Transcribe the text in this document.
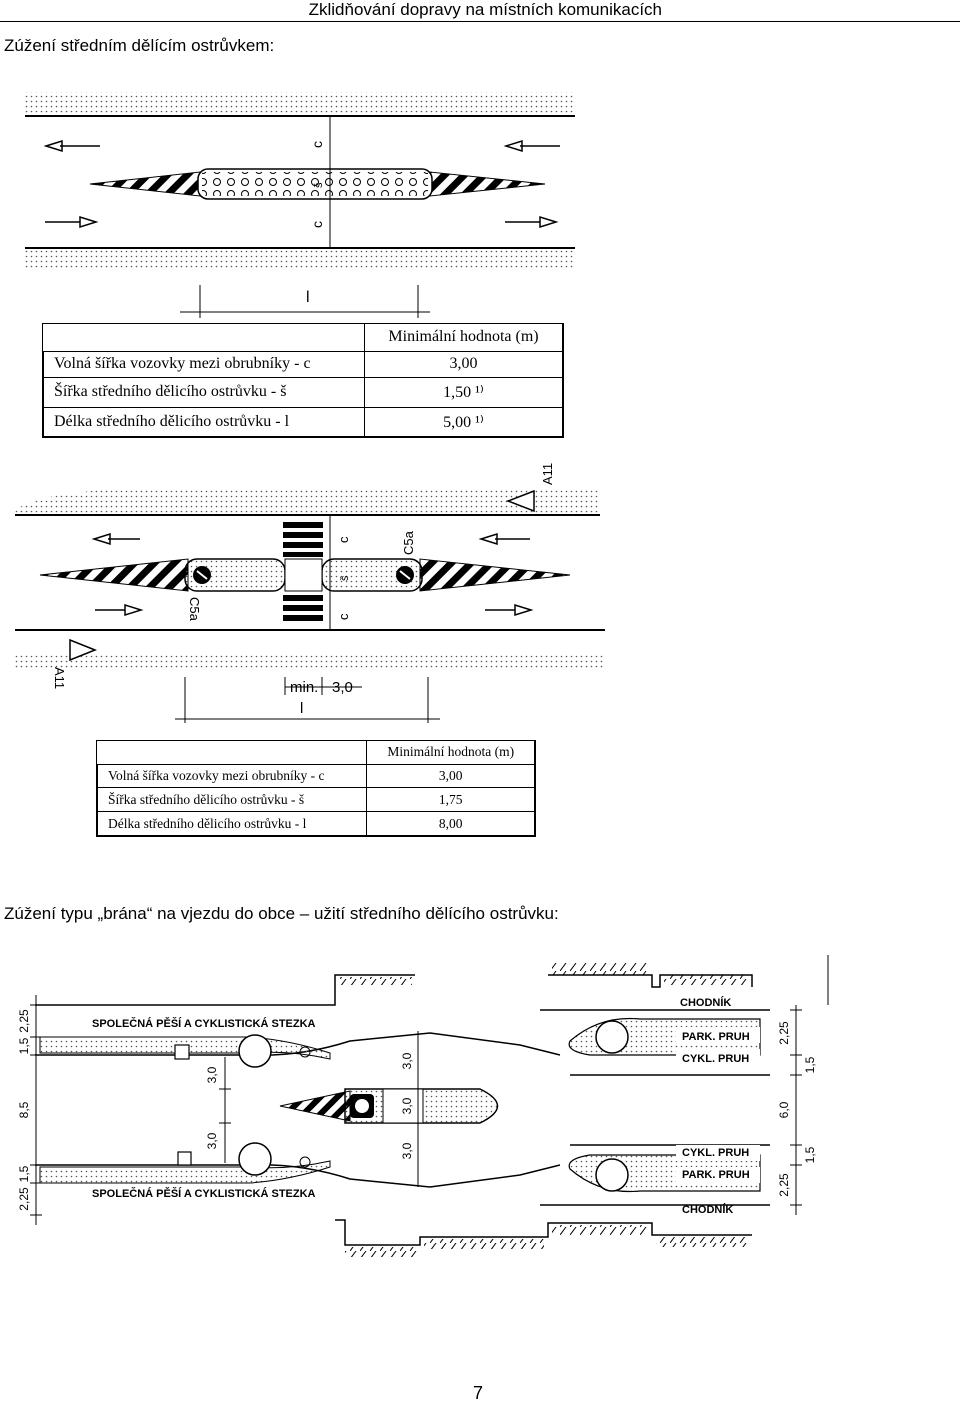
Zklidňování dopravy na místních komunikacích
Zúžení středním dělícím ostrůvkem:
c
š
c
l
	Minimální hodnota (m)
Volná šířka vozovky mezi obrubníky - c	3,00
Šířka středního dělicího ostrůvku - š	1,50 ¹⁾
Délka středního dělicího ostrůvku - l	5,00 ¹⁾
A11
A11
c
š
c
C5a
C5a
min. 3,0
l
	Minimální hodnota (m)
Volná šířka vozovky mezi obrubníky - c	3,00
Šířka středního dělicího ostrůvku - š	1,75
Délka středního dělicího ostrůvku - l	8,00
Zúžení typu „brána“ na vjezdu do obce – užití středního dělícího ostrůvku:
SPOLEČNÁ PĚŠÍ A CYKLISTICKÁ STEZKA
SPOLEČNÁ PĚŠÍ A CYKLISTICKÁ STEZKA
CHODNÍK
PARK. PRUH
CYKL. PRUH
CYKL. PRUH
PARK. PRUH
CHODNÍK
2,25
1,5
8,5
1,5
2,25
3,0
3,0
3,0
3,0
3,0
2,25
1,5
6,0
1,5
2,25
7
